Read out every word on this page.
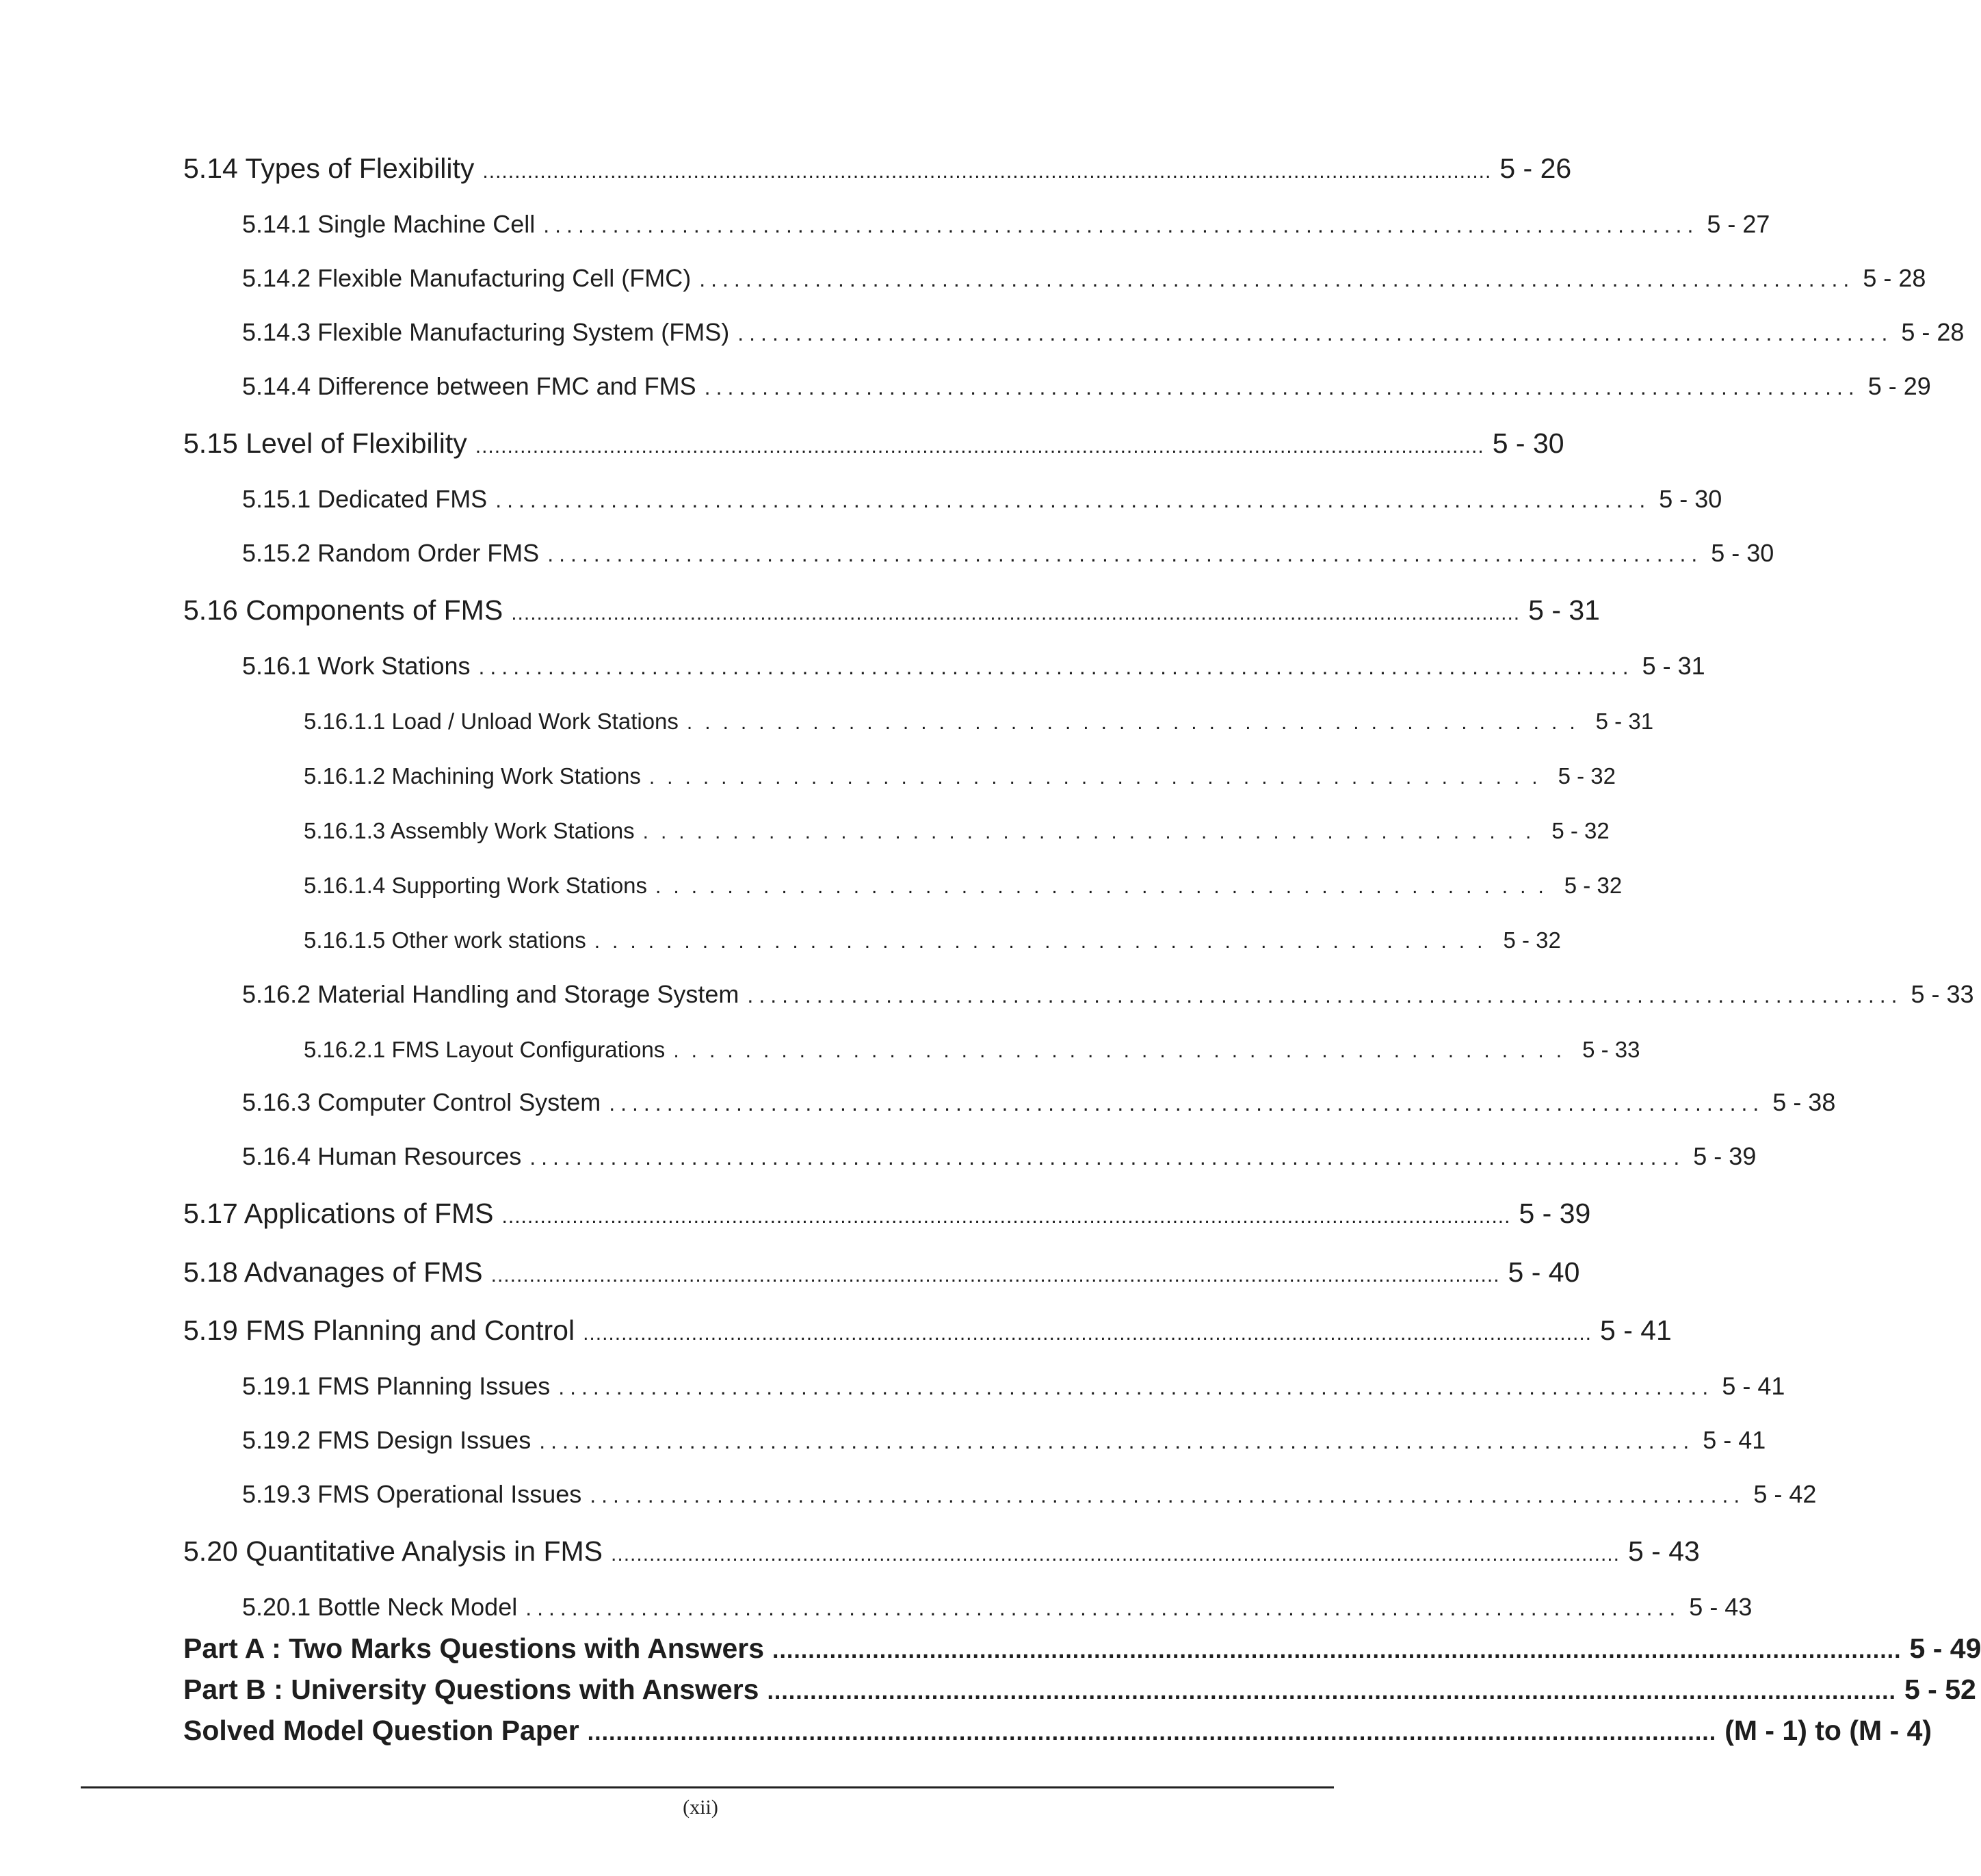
5.14 Types of Flexibility .............................................................................................................................................................. 5 - 26
5.14.1 Single Machine Cell .................................................................................................... 5 - 27
5.14.2 Flexible Manufacturing Cell (FMC) .................................................................................................... 5 - 28
5.14.3 Flexible Manufacturing System (FMS) .................................................................................................... 5 - 28
5.14.4 Difference between FMC and FMS .................................................................................................... 5 - 29
5.15 Level of Flexibility .............................................................................................................................................................. 5 - 30
5.15.1 Dedicated FMS .................................................................................................... 5 - 30
5.15.2 Random Order FMS .................................................................................................... 5 - 30
5.16 Components of FMS .............................................................................................................................................................. 5 - 31
5.16.1 Work Stations .................................................................................................... 5 - 31
5.16.1.1 Load / Unload Work Stations .................................................. 5 - 31
5.16.1.2 Machining Work Stations .................................................. 5 - 32
5.16.1.3 Assembly Work Stations .................................................. 5 - 32
5.16.1.4 Supporting Work Stations .................................................. 5 - 32
5.16.1.5 Other work stations .................................................. 5 - 32
5.16.2 Material Handling and Storage System .................................................................................................... 5 - 33
5.16.2.1 FMS Layout Configurations .................................................. 5 - 33
5.16.3 Computer Control System .................................................................................................... 5 - 38
5.16.4 Human Resources .................................................................................................... 5 - 39
5.17 Applications of FMS .............................................................................................................................................................. 5 - 39
5.18 Advanages of FMS .............................................................................................................................................................. 5 - 40
5.19 FMS Planning and Control .............................................................................................................................................................. 5 - 41
5.19.1 FMS Planning Issues .................................................................................................... 5 - 41
5.19.2 FMS Design Issues .................................................................................................... 5 - 41
5.19.3 FMS Operational Issues .................................................................................................... 5 - 42
5.20 Quantitative Analysis in FMS .............................................................................................................................................................. 5 - 43
5.20.1 Bottle Neck Model .................................................................................................... 5 - 43
Part A : Two Marks Questions with Answers .............................................................................................................................................................. 5 - 49
Part B : University Questions with Answers .............................................................................................................................................................. 5 - 52
Solved Model Question Paper .............................................................................................................................................................. (M - 1) to (M - 4)
(xii)
